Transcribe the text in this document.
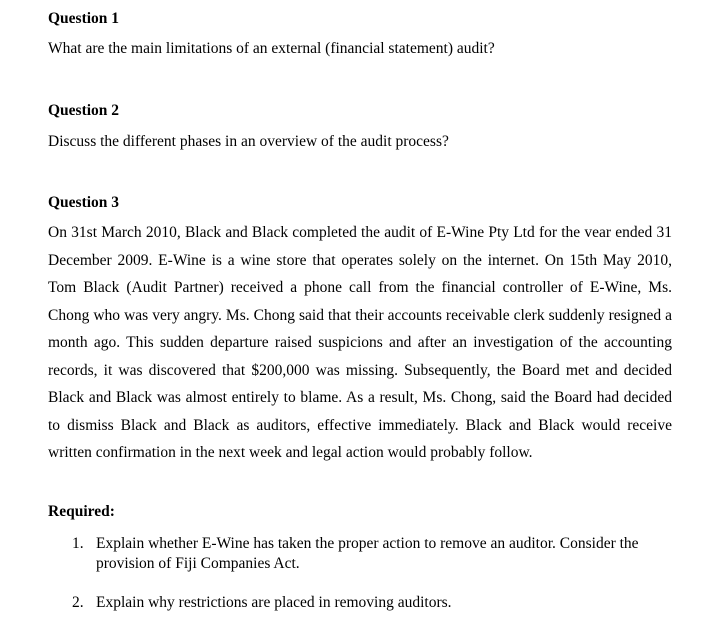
Question 1

What are the main limitations of an external (financial statement) audit?

Question 2

Discuss the different phases in an overview of the audit process?

Question 3

On 31st March 2010, Black and Black completed the audit of E-Wine Pty Ltd for the vear ended 31 December 2009. E-Wine is a wine store that operates solely on the internet. On 15th May 2010, Tom Black (Audit Partner) received a phone call from the financial controller of E-Wine, Ms. Chong who was very angry. Ms. Chong said that their accounts receivable clerk suddenly resigned a month ago. This sudden departure raised suspicions and after an investigation of the accounting records, it was discovered that $200,000 was missing. Subsequently, the Board met and decided Black and Black was almost entirely to blame. As a result, Ms. Chong, said the Board had decided to dismiss Black and Black as auditors, effective immediately. Black and Black would receive written confirmation in the next week and legal action would probably follow.

Required:
1. Explain whether E-Wine has taken the proper action to remove an auditor. Consider the provision of Fiji Companies Act.
2. Explain why restrictions are placed in removing auditors.
